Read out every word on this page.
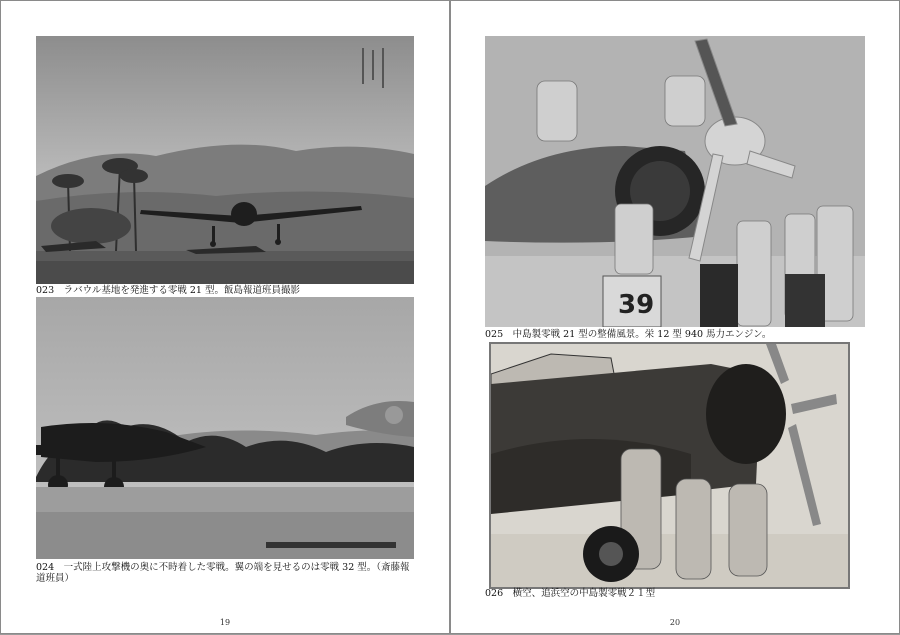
023　ラバウル基地を発進する零戦 21 型。飯島報道班員撮影
024　一式陸上攻撃機の奥に不時着した零戦。翼の端を見せるのは零戦 32 型。（斎藤報道班員）
19
39
025　中島製零戦 21 型の整備風景。栄 12 型 940 馬力エンジン。
026　横空、追浜空の中島製零戦２１型
20
